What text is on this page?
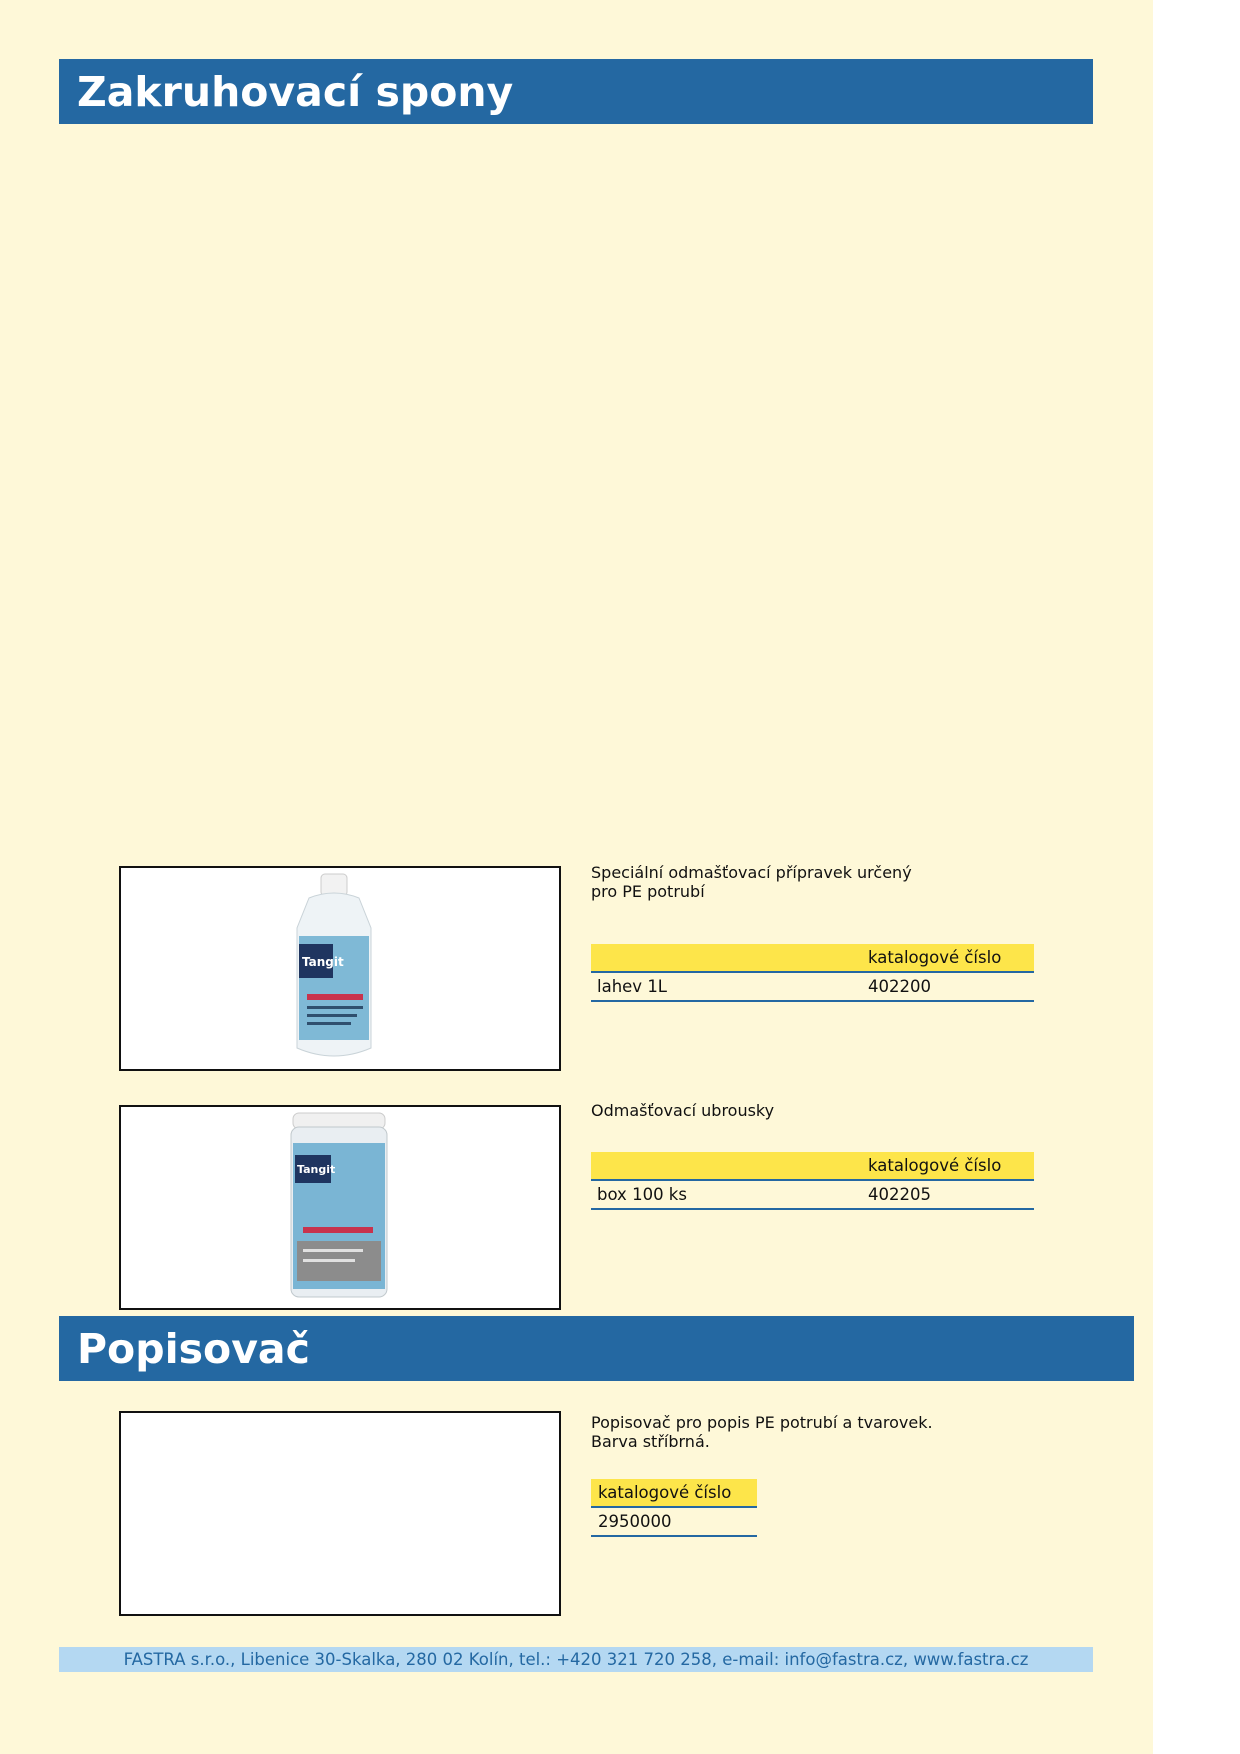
Zakruhovací spony
Tangit
Speciální odmašťovací přípravek určený
pro PE potrubí
katalogové číslo
lahev 1L	402200
Tangit
Odmašťovací ubrousky
katalogové číslo
box 100 ks	402205
Popisovač
Popisovač pro popis PE potrubí a tvarovek.
Barva stříbrná.
katalogové číslo
2950000
FASTRA s.r.o., Libenice 30-Skalka, 280 02 Kolín, tel.: +420 321 720 258, e-mail: info@fastra.cz, www.fastra.cz
